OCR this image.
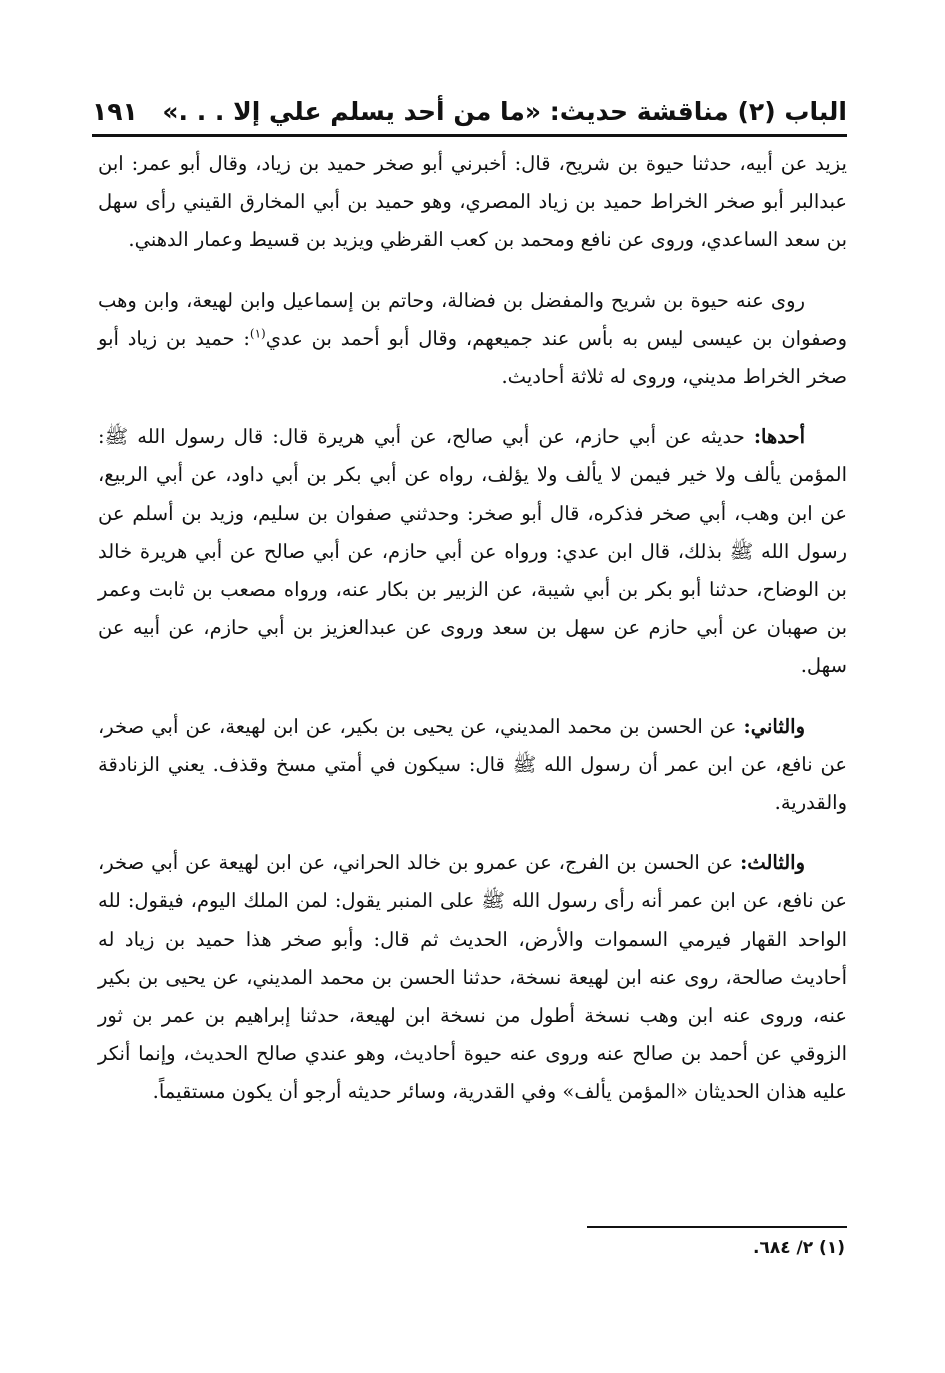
الباب (٢) مناقشة حديث: «ما من أحد يسلم علي إلا . . .»
١٩١

يزيد عن أبيه، حدثنا حيوة بن شريح، قال: أخبرني أبو صخر حميد بن زياد، وقال أبو عمر: ابن عبدالبر أبو صخر الخراط حميد بن زياد المصري، وهو حميد بن أبي المخارق القيني رأى سهل بن سعد الساعدي، وروى عن نافع ومحمد بن كعب القرظي ويزيد بن قسيط وعمار الدهني.

روى عنه حيوة بن شريح والمفضل بن فضالة، وحاتم بن إسماعيل وابن لهيعة، وابن وهب وصفوان بن عيسى ليس به بأس عند جميعهم، وقال أبو أحمد بن عدي$^{(١)}$: حميد بن زياد أبو صخر الخراط مديني، وروى له ثلاثة أحاديث.

أحدها: حديثه عن أبي حازم، عن أبي صالح، عن أبي هريرة قال: قال رسول الله ﷺ: المؤمن يألف ولا خير فيمن لا يألف ولا يؤلف، رواه عن أبي بكر بن أبي داود، عن أبي الربيع، عن ابن وهب، أبي صخر فذكره، قال أبو صخر: وحدثني صفوان بن سليم، وزيد بن أسلم عن رسول الله ﷺ بذلك، قال ابن عدي: ورواه عن أبي حازم، عن أبي صالح عن أبي هريرة خالد بن الوضاح، حدثنا أبو بكر بن أبي شيبة، عن الزبير بن بكار عنه، ورواه مصعب بن ثابت وعمر بن صهبان عن أبي حازم عن سهل بن سعد وروى عن عبدالعزيز بن أبي حازم، عن أبيه عن سهل.

والثاني: عن الحسن بن محمد المديني، عن يحيى بن بكير، عن ابن لهيعة، عن أبي صخر، عن نافع، عن ابن عمر أن رسول الله ﷺ قال: سيكون في أمتي مسخ وقذف. يعني الزنادقة والقدرية.

والثالث: عن الحسن بن الفرج، عن عمرو بن خالد الحراني، عن ابن لهيعة عن أبي صخر، عن نافع، عن ابن عمر أنه رأى رسول الله ﷺ على المنبر يقول: لمن الملك اليوم، فيقول: لله الواحد القهار فيرمي السموات والأرض، الحديث ثم قال: وأبو صخر هذا حميد بن زياد له أحاديث صالحة، روى عنه ابن لهيعة نسخة، حدثنا الحسن بن محمد المديني، عن يحيى بن بكير عنه، وروى عنه ابن وهب نسخة أطول من نسخة ابن لهيعة، حدثنا إبراهيم بن عمر بن ثور الزوقي عن أحمد بن صالح عنه وروى عنه حيوة أحاديث، وهو عندي صالح الحديث، وإنما أنكر عليه هذان الحديثان «المؤمن يألف» وفي القدرية، وسائر حديثه أرجو أن يكون مستقيماً.

(١) ٢/ ٦٨٤.
